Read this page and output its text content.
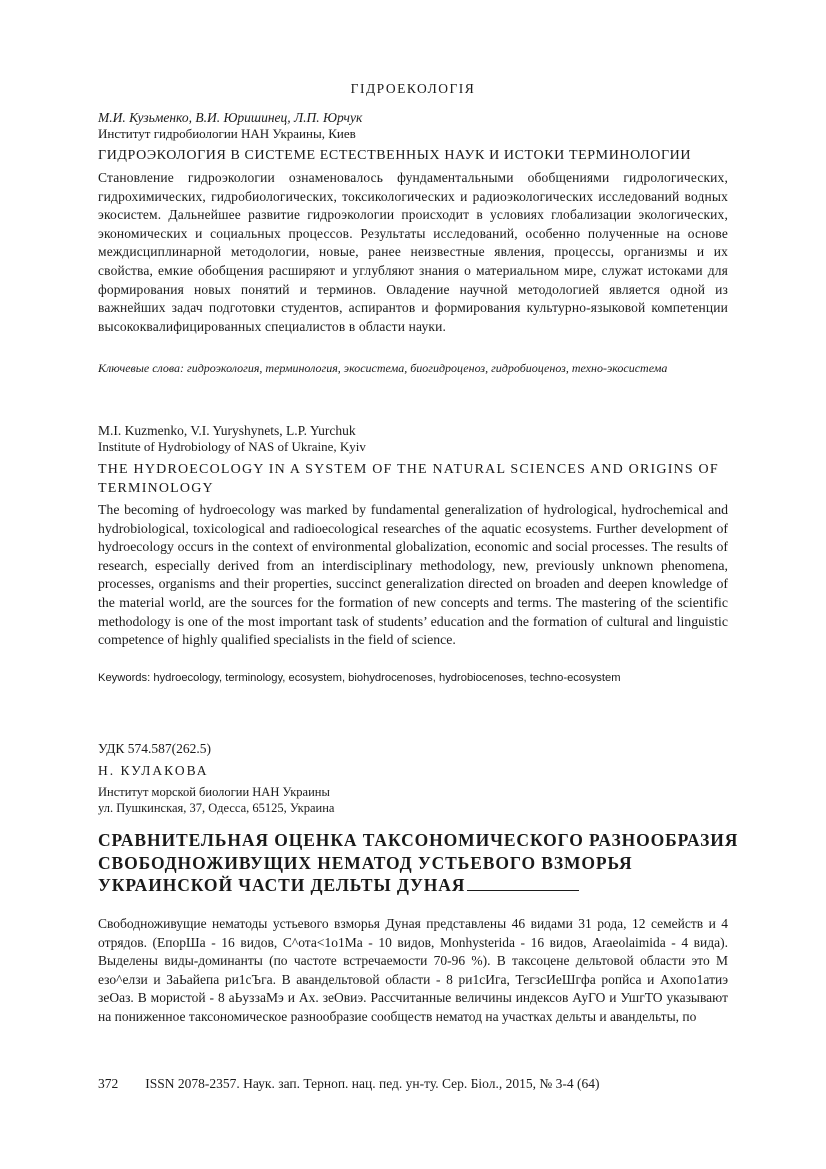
ГІДРОЕКОЛОГІЯ
М.И. Кузьменко, В.И. Юришинец, Л.П. Юрчук
Институт гидробиологии НАН Украины, Киев
ГИДРОЭКОЛОГИЯ В СИСТЕМЕ ЕСТЕСТВЕННЫХ НАУК И ИСТОКИ ТЕРМИНОЛОГИИ
Становление гидроэкологии ознаменовалось фундаментальными обобщениями гидрологических, гидрохимических, гидробиологических, токсикологических и радиоэкологических исследований водных экосистем. Дальнейшее развитие гидроэкологии происходит в условиях глобализации экологических, экономических и социальных процессов. Результаты исследований, особенно полученные на основе междисциплинарной методологии, новые, ранее неизвестные явления, процессы, организмы и их свойства, емкие обобщения расширяют и углубляют знания о материальном мире, служат истоками для формирования новых понятий и терминов. Овладение научной методологией является одной из важнейших задач подготовки студентов, аспирантов и формирования культурно-языковой компетенции высококвалифицированных специалистов в области науки.
Ключевые слова: гидроэкология, терминология, экосистема, биогидроценоз, гидробиоценоз, техно-экосистема
M.I. Kuzmenko, V.I. Yuryshynets, L.P. Yurchuk
Institute of Hydrobiology of NAS of Ukraine, Kyiv
THE HYDROECOLOGY IN A SYSTEM OF THE NATURAL SCIENCES AND ORIGINS OF TERMINOLOGY
The becoming of hydroecology was marked by fundamental generalization of hydrological, hydrochemical and hydrobiological, toxicological and radioecological researches of the aquatic ecosystems. Further development of hydroecology occurs in the context of environmental globalization, economic and social processes. The results of research, especially derived from an interdisciplinary methodology, new, previously unknown phenomena, processes, organisms and their properties, succinct generalization directed on broaden and deepen knowledge of the material world, are the sources for the formation of new concepts and terms. The mastering of the scientific methodology is one of the most important task of students’ education and the formation of cultural and linguistic competence of highly qualified specialists in the field of science.
Keywords: hydroecology, terminology, ecosystem, biohydrocenoses, hydrobiocenoses, techno-ecosystem
УДК 574.587(262.5)
Н. КУЛАКОВА
Институт морской биологии НАН Украины
ул. Пушкинская, 37, Одесса, 65125, Украина
СРАВНИТЕЛЬНАЯ ОЦЕНКА ТАКСОНОМИЧЕСКОГО РАЗНООБРАЗИЯ СВОБОДНОЖИВУЩИХ НЕМАТОД УСТЬЕВОГО ВЗМОРЬЯ УКРАИНСКОЙ ЧАСТИ ДЕЛЬТЫ ДУНАЯ
Свободноживущие нематоды устьевого взморья Дуная представлены 46 видами 31 рода, 12 семейств и 4 отрядов. (ЕпорШа - 16 видов, С^ота<1о1Ма - 10 видов, Monhysterida - 16 видов, Araeolaimida - 4 вида). Выделены виды-доминанты (по частоте встречаемости 70-96 %). В таксоцене дельтовой области это М езо^елзи и ЗаЬайепа ри1сЪга. В авандельтовой области - 8 ри1сИга, ТегзсИеШгфа ропйса и Ахопо1атиэ зеОаз. В мористой - 8 аЬуззаМэ и Ах. зеОвиэ. Рассчитанные величины индексов АуГО и УшгТО указывают на пониженное таксономическое разнообразие сообществ нематод на участках дельты и авандельты, по
372 ISSN 2078-2357. Наук. зап. Терноп. нац. пед. ун-ту. Сер. Біол., 2015, № 3-4 (64)
